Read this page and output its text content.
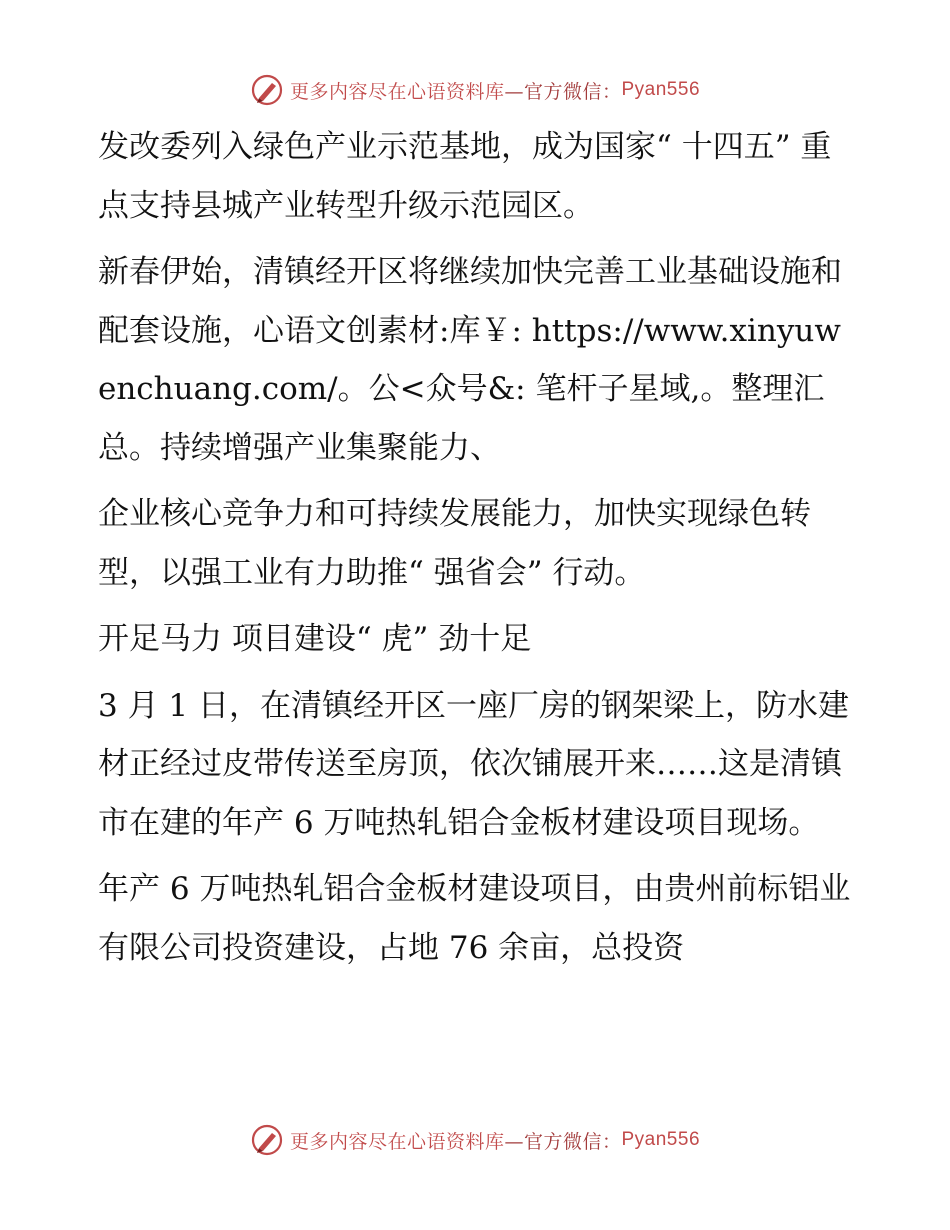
更多内容尽在心语资料库 —官方微信： Pyan556

发改委列入绿色产业示范基地，成为国家“ 十四五” 重点支持县城产业转型升级示范园区。

新春伊始，清镇经开区将继续加快完善工业基础设施和配套设施，心语文创素材:库￥: https://www.xinyuwenchuang.com/。公<众号&: 笔杆子星域,。整理汇总。持续增强产业集聚能力、

企业核心竞争力和可持续发展能力，加快实现绿色转型，以强工业有力助推“ 强省会” 行动。

开足马力 项目建设“ 虎” 劲十足

3 月 1 日，在清镇经开区一座厂房的钢架梁上，防水建材正经过皮带传送至房顶，依次铺展开来……这是清镇市在建的年产 6 万吨热轧铝合金板材建设项目现场。

年产 6 万吨热轧铝合金板材建设项目，由贵州前标铝业有限公司投资建设，占地 76 余亩，总投资

更多内容尽在心语资料库 —官方微信： Pyan556
